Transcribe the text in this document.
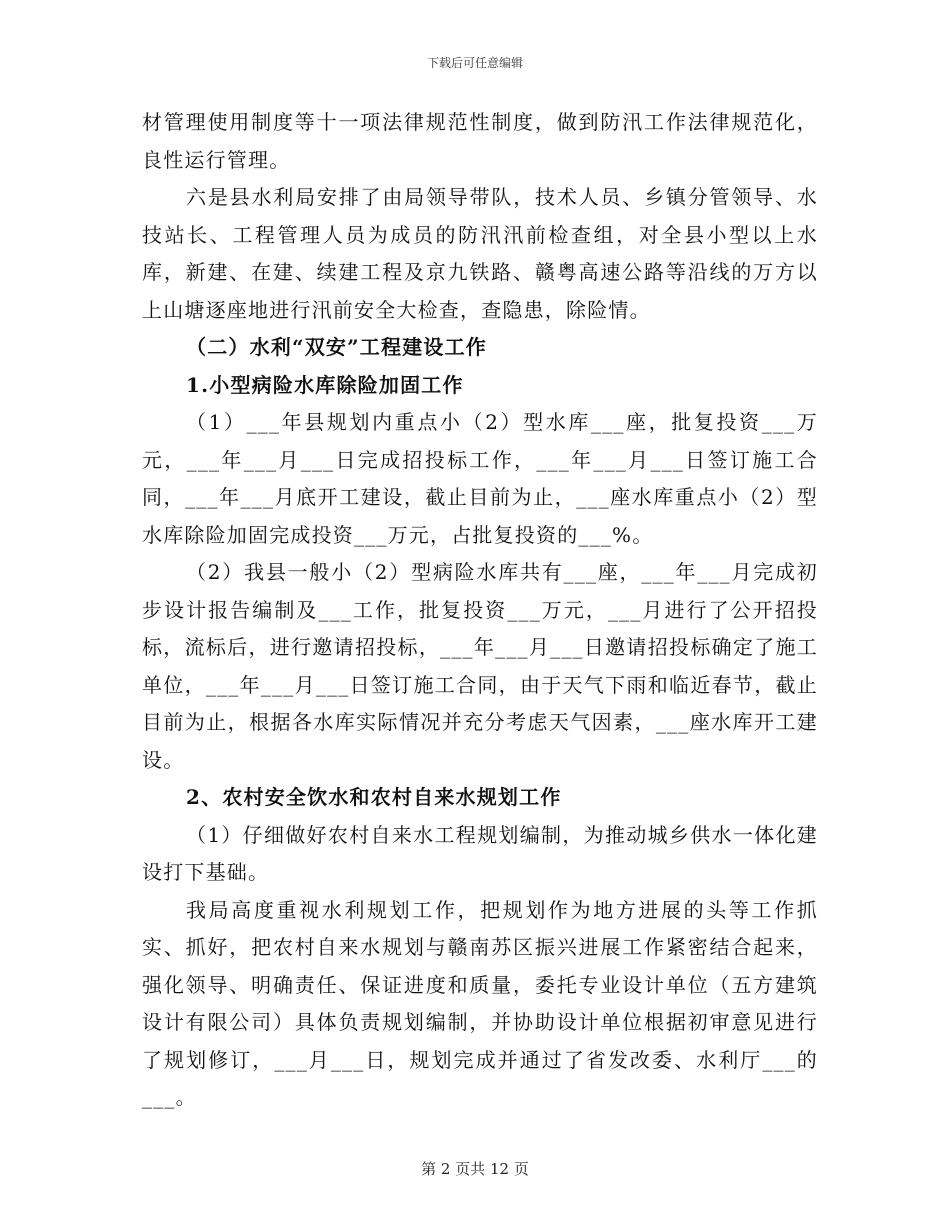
下载后可任意编辑

材管理使用制度等十一项法律规范性制度，做到防汛工作法律规范化，良性运行管理。

六是县水利局安排了由局领导带队，技术人员、乡镇分管领导、水技站长、工程管理人员为成员的防汛汛前检查组，对全县小型以上水库，新建、在建、续建工程及京九铁路、赣粤高速公路等沿线的万方以上山塘逐座地进行汛前安全大检查，查隐患，除险情。

（二）水利“双安”工程建设工作

1.小型病险水库除险加固工作

（1）___年县规划内重点小（2）型水库___座，批复投资___万元，___年___月___日完成招投标工作，___年___月___日签订施工合同，___年___月底开工建设，截止目前为止，___座水库重点小（2）型水库除险加固完成投资___万元，占批复投资的___%。

（2）我县一般小（2）型病险水库共有___座，___年___月完成初步设计报告编制及___工作，批复投资___万元，___月进行了公开招投标，流标后，进行邀请招投标，___年___月___日邀请招投标确定了施工单位，___年___月___日签订施工合同，由于天气下雨和临近春节，截止目前为止，根据各水库实际情况并充分考虑天气因素，___座水库开工建设。

2、农村安全饮水和农村自来水规划工作

（1）仔细做好农村自来水工程规划编制，为推动城乡供水一体化建设打下基础。

我局高度重视水利规划工作，把规划作为地方进展的头等工作抓实、抓好，把农村自来水规划与赣南苏区振兴进展工作紧密结合起来，强化领导、明确责任、保证进度和质量，委托专业设计单位（五方建筑设计有限公司）具体负责规划编制，并协助设计单位根据初审意见进行了规划修订，___月___日，规划完成并通过了省发改委、水利厅___的___。

第 2 页共 12 页
